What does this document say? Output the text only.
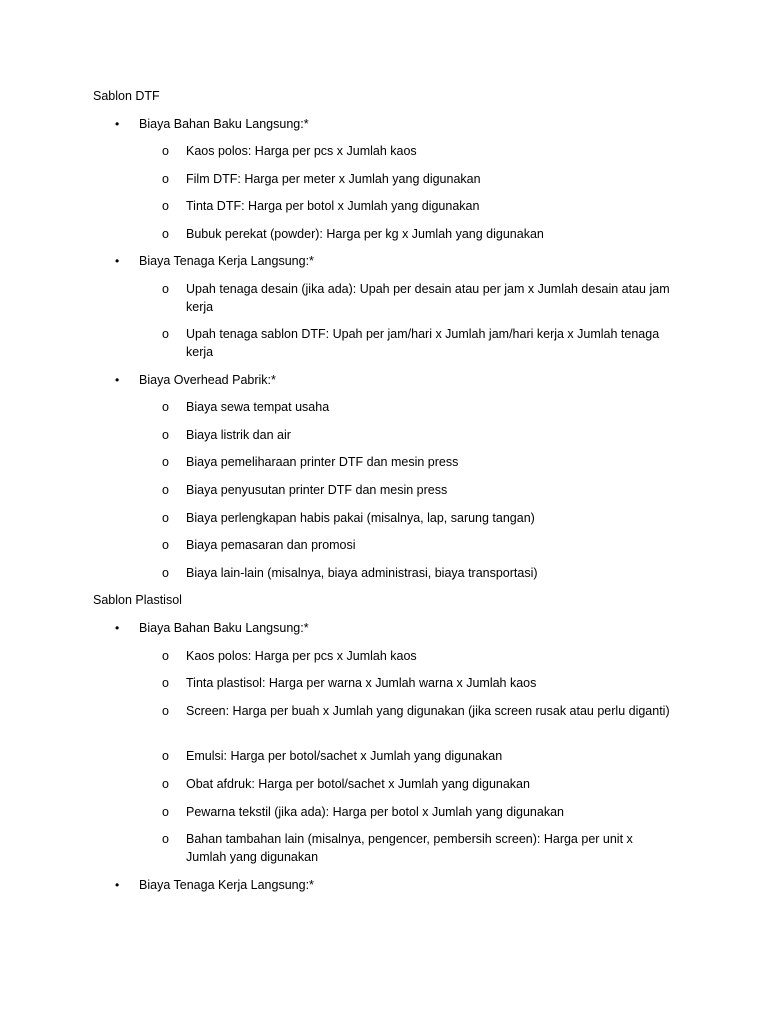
Sablon DTF
• Biaya Bahan Baku Langsung:*
o Kaos polos: Harga per pcs x Jumlah kaos
o Film DTF: Harga per meter x Jumlah yang digunakan
o Tinta DTF: Harga per botol x Jumlah yang digunakan
o Bubuk perekat (powder): Harga per kg x Jumlah yang digunakan
• Biaya Tenaga Kerja Langsung:*
o Upah tenaga desain (jika ada): Upah per desain atau per jam x Jumlah desain atau jam kerja
o Upah tenaga sablon DTF: Upah per jam/hari x Jumlah jam/hari kerja x Jumlah tenaga kerja
• Biaya Overhead Pabrik:*
o Biaya sewa tempat usaha
o Biaya listrik dan air
o Biaya pemeliharaan printer DTF dan mesin press
o Biaya penyusutan printer DTF dan mesin press
o Biaya perlengkapan habis pakai (misalnya, lap, sarung tangan)
o Biaya pemasaran dan promosi
o Biaya lain-lain (misalnya, biaya administrasi, biaya transportasi)
Sablon Plastisol
• Biaya Bahan Baku Langsung:*
o Kaos polos: Harga per pcs x Jumlah kaos
o Tinta plastisol: Harga per warna x Jumlah warna x Jumlah kaos
o Screen: Harga per buah x Jumlah yang digunakan (jika screen rusak atau perlu diganti)
o Emulsi: Harga per botol/sachet x Jumlah yang digunakan
o Obat afdruk: Harga per botol/sachet x Jumlah yang digunakan
o Pewarna tekstil (jika ada): Harga per botol x Jumlah yang digunakan
o Bahan tambahan lain (misalnya, pengencer, pembersih screen): Harga per unit x Jumlah yang digunakan
• Biaya Tenaga Kerja Langsung:*
